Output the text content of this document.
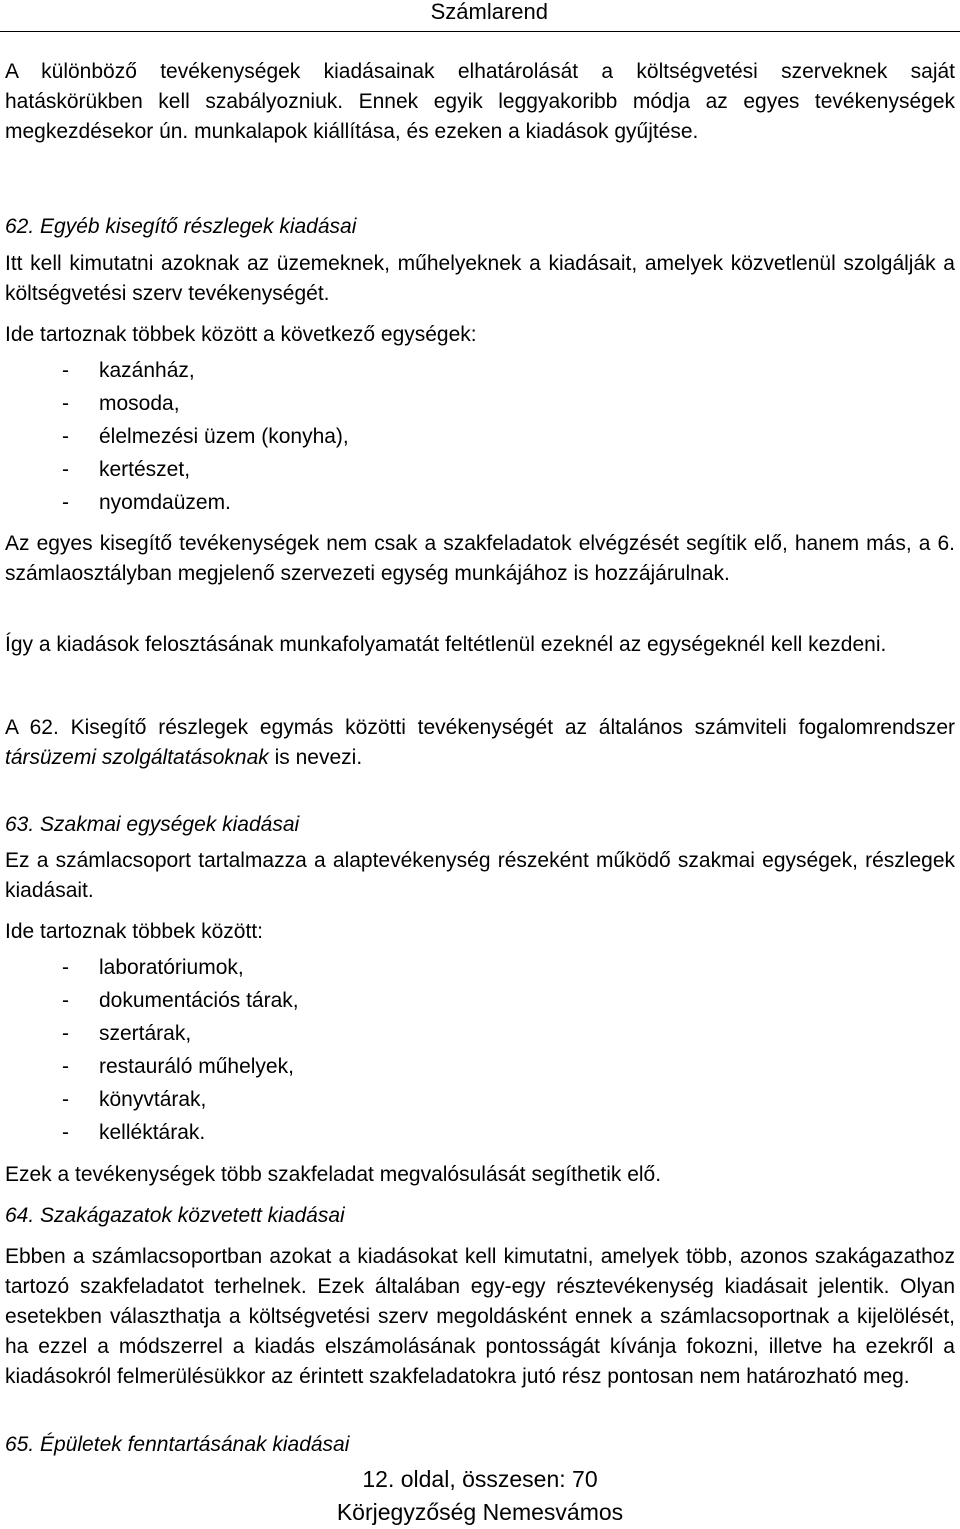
Számlarend

A különböző tevékenységek kiadásainak elhatárolását a költségvetési szerveknek saját hatáskörükben kell szabályozniuk. Ennek egyik leggyakoribb módja az egyes tevékenységek megkezdésekor ún. munkalapok kiállítása, és ezeken a kiadások gyűjtése.

62. Egyéb kisegítő részlegek kiadásai

Itt kell kimutatni azoknak az üzemeknek, műhelyeknek a kiadásait, amelyek közvetlenül szolgálják a költségvetési szerv tevékenységét.

Ide tartoznak többek között a következő egységek:

- kazánház,
- mosoda,
- élelmezési üzem (konyha),
- kertészet,
- nyomdaüzem.

Az egyes kisegítő tevékenységek nem csak a szakfeladatok elvégzését segítik elő, hanem más, a 6. számlaosztályban megjelenő szervezeti egység munkájához is hozzájárulnak.

Így a kiadások felosztásának munkafolyamatát feltétlenül ezeknél az egységeknél kell kezdeni.

A 62. Kisegítő részlegek egymás közötti tevékenységét az általános számviteli fogalomrendszer társüzemi szolgáltatásoknak is nevezi.

63. Szakmai egységek kiadásai

Ez a számlacsoport tartalmazza a alaptevékenység részeként működő szakmai egységek, részlegek kiadásait.

Ide tartoznak többek között:

- laboratóriumok,
- dokumentációs tárak,
- szertárak,
- restauráló műhelyek,
- könyvtárak,
- kelléktárak.

Ezek a tevékenységek több szakfeladat megvalósulását segíthetik elő.

64. Szakágazatok közvetett kiadásai

Ebben a számlacsoportban azokat a kiadásokat kell kimutatni, amelyek több, azonos szakágazathoz tartozó szakfeladatot terhelnek. Ezek általában egy-egy résztevékenység kiadásait jelentik. Olyan esetekben választhatja a költségvetési szerv megoldásként ennek a számlacsoportnak a kijelölését, ha ezzel a módszerrel a kiadás elszámolásának pontosságát kívánja fokozni, illetve ha ezekről a kiadásokról felmerülésükkor az érintett szakfeladatokra jutó rész pontosan nem határozható meg.

65. Épületek fenntartásának kiadásai

12. oldal, összesen: 70
Körjegyzőség Nemesvámos
